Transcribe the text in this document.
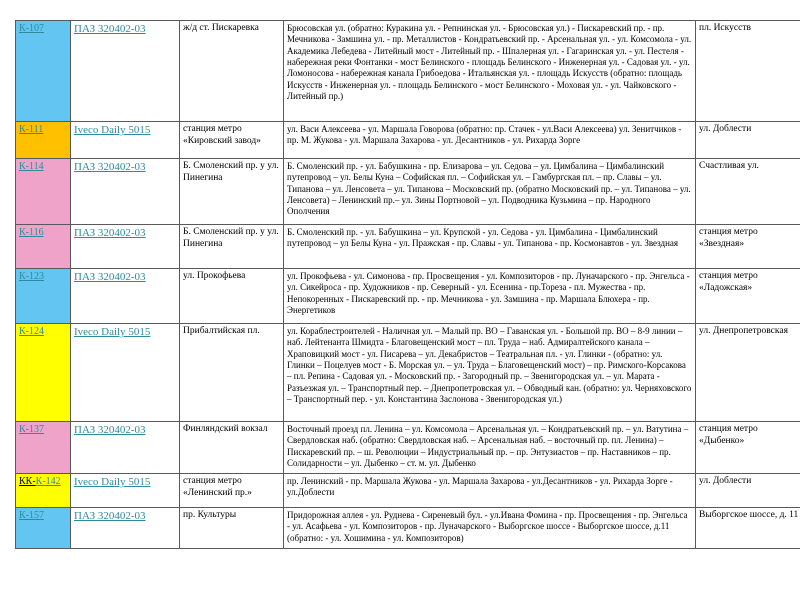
К-107	ПАЗ 320402-03	ж/д ст. Пискаревка	Брюсовская ул. (обратно: Куракина ул. - Репнинская ул. - Брюсовская ул.) - Пискаревский пр. - пр. Мечникова - Замшина ул. - пр. Металлистов - Кондратьевский пр. - Арсенальная ул. - ул. Комсомола - ул. Академика Лебедева - Литейный мост - Литейный пр. - Шпалерная ул. - Гагаринская ул. - ул. Пестеля - набережная реки Фонтанки - мост Белинского - площадь Белинского - Инженерная ул. - Садовая ул. - ул. Ломоносова - набережная канала Грибоедова - Итальянская ул. - площадь Искусств (обратно: площадь Искусств - Инженерная ул. - площадь Белинского - мост Белинского - Моховая ул. - ул. Чайковского - Литейный пр.)	пл. Искусств
К-111	Iveco Daily 5015	станция метро «Кировский завод»	ул. Васи Алексеева - ул. Маршала Говорова (обратно: пр. Стачек - ул.Васи Алексеева) ул. Зенитчиков - пр. М. Жукова - ул. Маршала Захарова - ул. Десантников - ул. Рихарда Зорге	ул. Доблести
К-114	ПАЗ 320402-03	Б. Смоленский пр. у ул. Пинегина	Б. Смоленский пр. - ул. Бабушкина - пр. Елизарова – ул. Седова – ул. Цимбалина – Цимбалинский путепровод – ул. Белы Куна – Софийская пл. – Софийская ул. – Гамбургская пл. – пр. Славы – ул. Типанова – ул. Ленсовета – ул. Типанова – Московский пр. (обратно Московский пр. – ул. Типанова – ул. Ленсовета) – Ленинский пр.– ул. Зины Портновой – ул. Подводника Кузьмина – пр. Народного Ополчения	Счастливая ул.
К-116	ПАЗ 320402-03	Б. Смоленский пр. у ул. Пинегина	Б. Смоленский пр. - ул. Бабушкина – ул. Крупской - ул. Седова - ул. Цимбалина - Цимбалинский путепровод – ул Белы Куна - ул. Пражская - пр. Славы - ул. Типанова - пр. Космонавтов - ул. Звездная	станция метро «Звездная»
К-123	ПАЗ 320402-03	ул. Прокофьева	ул. Прокофьева - ул. Симонова - пр. Просвещения - ул. Композиторов - пр. Луначарского - пр. Энгельса - ул. Сикейроса - пр. Художников - пр. Северный - ул. Есенина - пр.Тореза - пл. Мужества - пр. Непокоренных - Пискаревский пр. - пр. Мечникова - ул. Замшина - пр. Маршала Блюхера - пр. Энергетиков	станция метро «Ладожская»
К-124	Iveco Daily 5015	Прибалтийская пл.	ул. Кораблестроителей - Наличная ул. – Малый пр. ВО – Гаванская ул. - Большой пр. ВО – 8-9 линии – наб. Лейтенанта Шмидта - Благовещенский мост – пл. Труда – наб. Адмиралтейского канала – Храповицкий мост - ул. Писарева – ул. Декабристов – Театральная пл. - ул. Глинки - (обратно: ул. Глинки – Поцелуев мост - Б. Морская ул. – ул. Труда – Благовещенский мост) – пр. Римского-Корсакова – пл. Репина - Садовая ул. - Московский пр. - Загородный пр. – Звенигородская ул. – ул. Марата - Разъезжая ул. – Транспортный пер. – Днепропетровская ул. – Обводный кан. (обратно: ул. Черняховского – Транспортный пер. - ул. Константина Заслонова - Звенигородская ул.)	ул. Днепропетровская
К-137	ПАЗ 320402-03	Финляндский вокзал	Восточный проезд пл. Ленина – ул. Комсомола – Арсенальная ул. – Кондратьевский пр. – ул. Ватутина – Свердловская наб. (обратно: Свердловская наб. – Арсенальная наб. – восточный пр. пл. Ленина) – Пискаревский пр. – ш. Революции – Индустриальный пр. – пр. Энтузиастов – пр. Наставников – пр. Солидарности – ул. Дыбенко – ст. м. ул. Дыбенко	станция метро «Дыбенко»
КК-К-142	Iveco Daily 5015	станция метро «Ленинский пр.»	пр. Ленинский - пр. Маршала Жукова - ул. Маршала Захарова - ул.Десантников - ул. Рихарда Зорге - ул.Доблести	ул. Доблести
К-157	ПАЗ 320402-03	пр. Культуры	Придорожная аллея - ул. Руднева - Сиреневый бул. - ул.Ивана Фомина - пр. Просвещения - пр. Энгельса - ул. Асафьева - ул. Композиторов - пр. Луначарского - Выборгское шоссе - Выборгское шоссе, д.11 (обратно: - ул. Хошимина - ул. Композиторов)	Выборгское шоссе, д. 11
